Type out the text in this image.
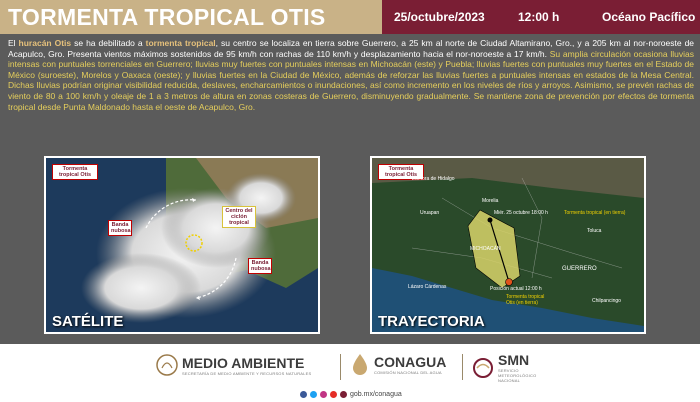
TORMENTA TROPICAL OTIS	25/octubre/2023	12:00 h	Océano Pacífico

El huracán Otis se ha debilitado a tormenta tropical, su centro se localiza en tierra sobre Guerrero, a 25 km al norte de Ciudad Altamirano, Gro., y a 205 km al nor-noroeste de Acapulco, Gro. Presenta vientos máximos sostenidos de 95 km/h con rachas de 110 km/h y desplazamiento hacia el nor-noroeste a 17 km/h. Su amplia circulación ocasiona lluvias intensas con puntuales torrenciales en Guerrero; lluvias muy fuertes con puntuales intensas en Michoacán (este) y Puebla; lluvias fuertes con puntuales muy fuertes en el Estado de México (suroeste), Morelos y Oaxaca (oeste); y lluvias fuertes en la Ciudad de México, además de reforzar las lluvias fuertes a puntuales intensas en estados de la Mesa Central. Dichas lluvias podrían originar visibilidad reducida, deslaves, encharcamientos o inundaciones, así como incremento en los niveles de ríos y arroyos. Asimismo, se prevén rachas de viento de 80 a 100 km/h y oleaje de 1 a 3 metros de altura en zonas costeras de Guerrero, disminuyendo gradualmente. Se mantiene zona de prevención por efectos de tormenta tropical desde Punta Maldonado hasta el oeste de Acapulco, Gro.

Tormenta tropical Otis
Centro del ciclón tropical
Banda nubosa
Banda nubosa
SATÉLITE
Tormenta tropical Otis
Miér. 25 octubre 18:00 h	Tormenta tropical (en tierra)
Posición actual 12:00 h
Tormenta tropical Otis (en tierra)
Zamora de Hidalgo
Uruapan
Morelia
Toluca
MICHOACÁN
GUERRERO
Chilpancingo
Lázaro Cárdenas
TRAYECTORIA
MEDIO AMBIENTE
SECRETARÍA DE MEDIO AMBIENTE Y RECURSOS NATURALES
CONAGUA
COMISIÓN NACIONAL DEL AGUA
SMN
SERVICIO METEOROLÓGICO NACIONAL
gob.mx/conagua
